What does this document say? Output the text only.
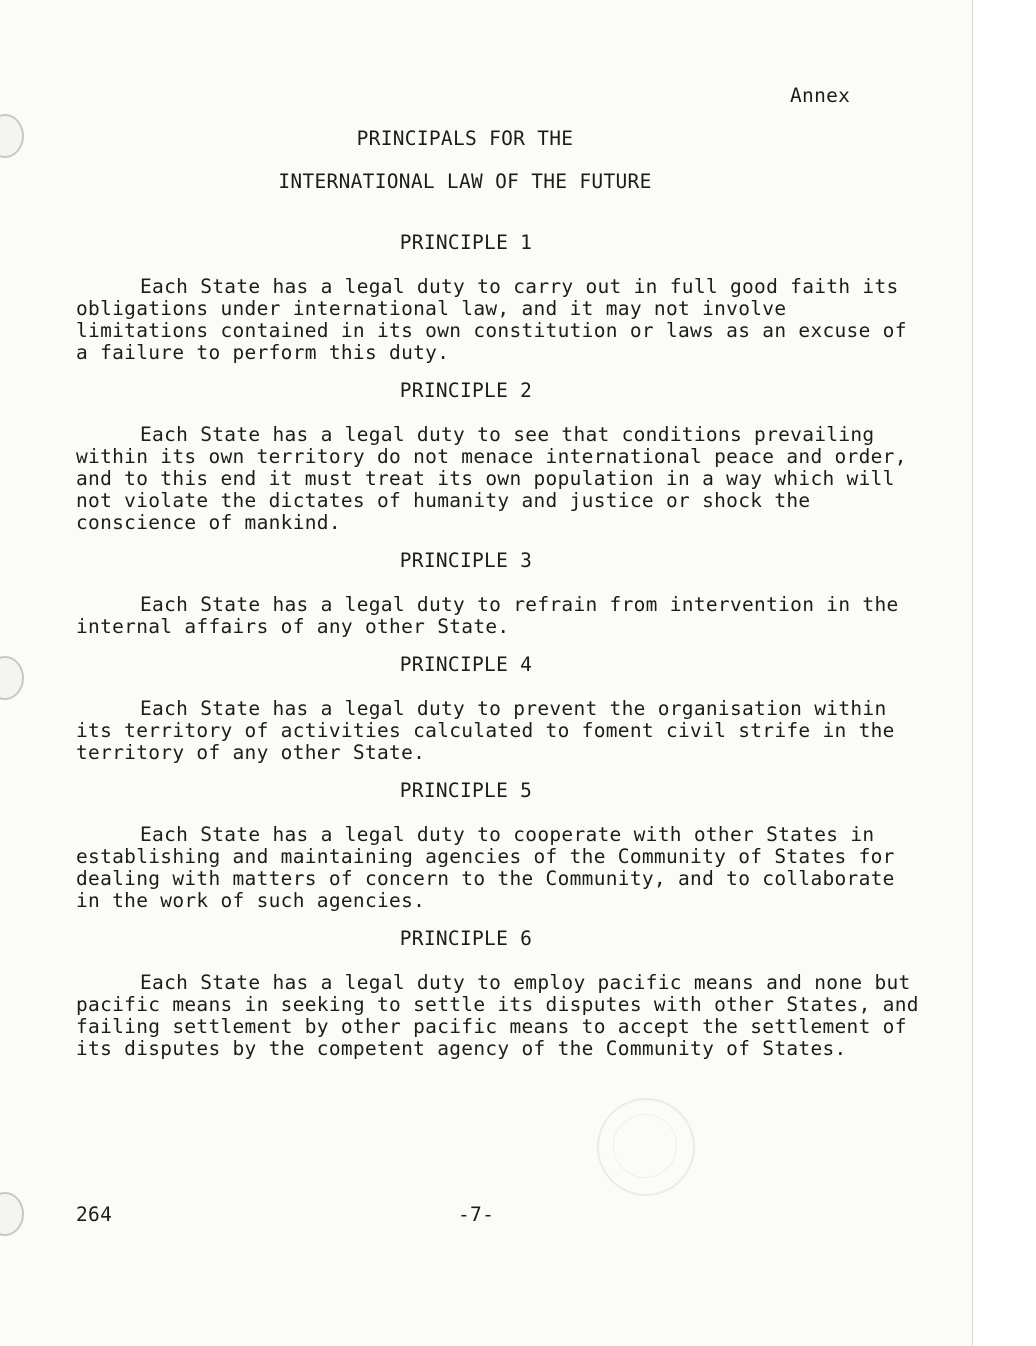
Annex
PRINCIPALS FOR THE
INTERNATIONAL LAW OF THE FUTURE
PRINCIPLE 1
Each State has a legal duty to carry out in full good faith its obligations under international law, and it may not involve limitations contained in its own constitution or laws as an excuse of a failure to perform this duty.
PRINCIPLE 2
Each State has a legal duty to see that conditions prevailing within its own territory do not menace international peace and order, and to this end it must treat its own population in a way which will not violate the dictates of humanity and justice or shock the conscience of mankind.
PRINCIPLE 3
Each State has a legal duty to refrain from intervention in the internal affairs of any other State.
PRINCIPLE 4
Each State has a legal duty to prevent the organisation within its territory of activities calculated to foment civil strife in the territory of any other State.
PRINCIPLE 5
Each State has a legal duty to cooperate with other States in establishing and maintaining agencies of the Community of States for dealing with matters of concern to the Community, and to collaborate in the work of such agencies.
PRINCIPLE 6
Each State has a legal duty to employ pacific means and none but pacific means in seeking to settle its disputes with other States, and failing settlement by other pacific means to accept the settlement of its disputes by the competent agency of the Community of States.
264	-7-
